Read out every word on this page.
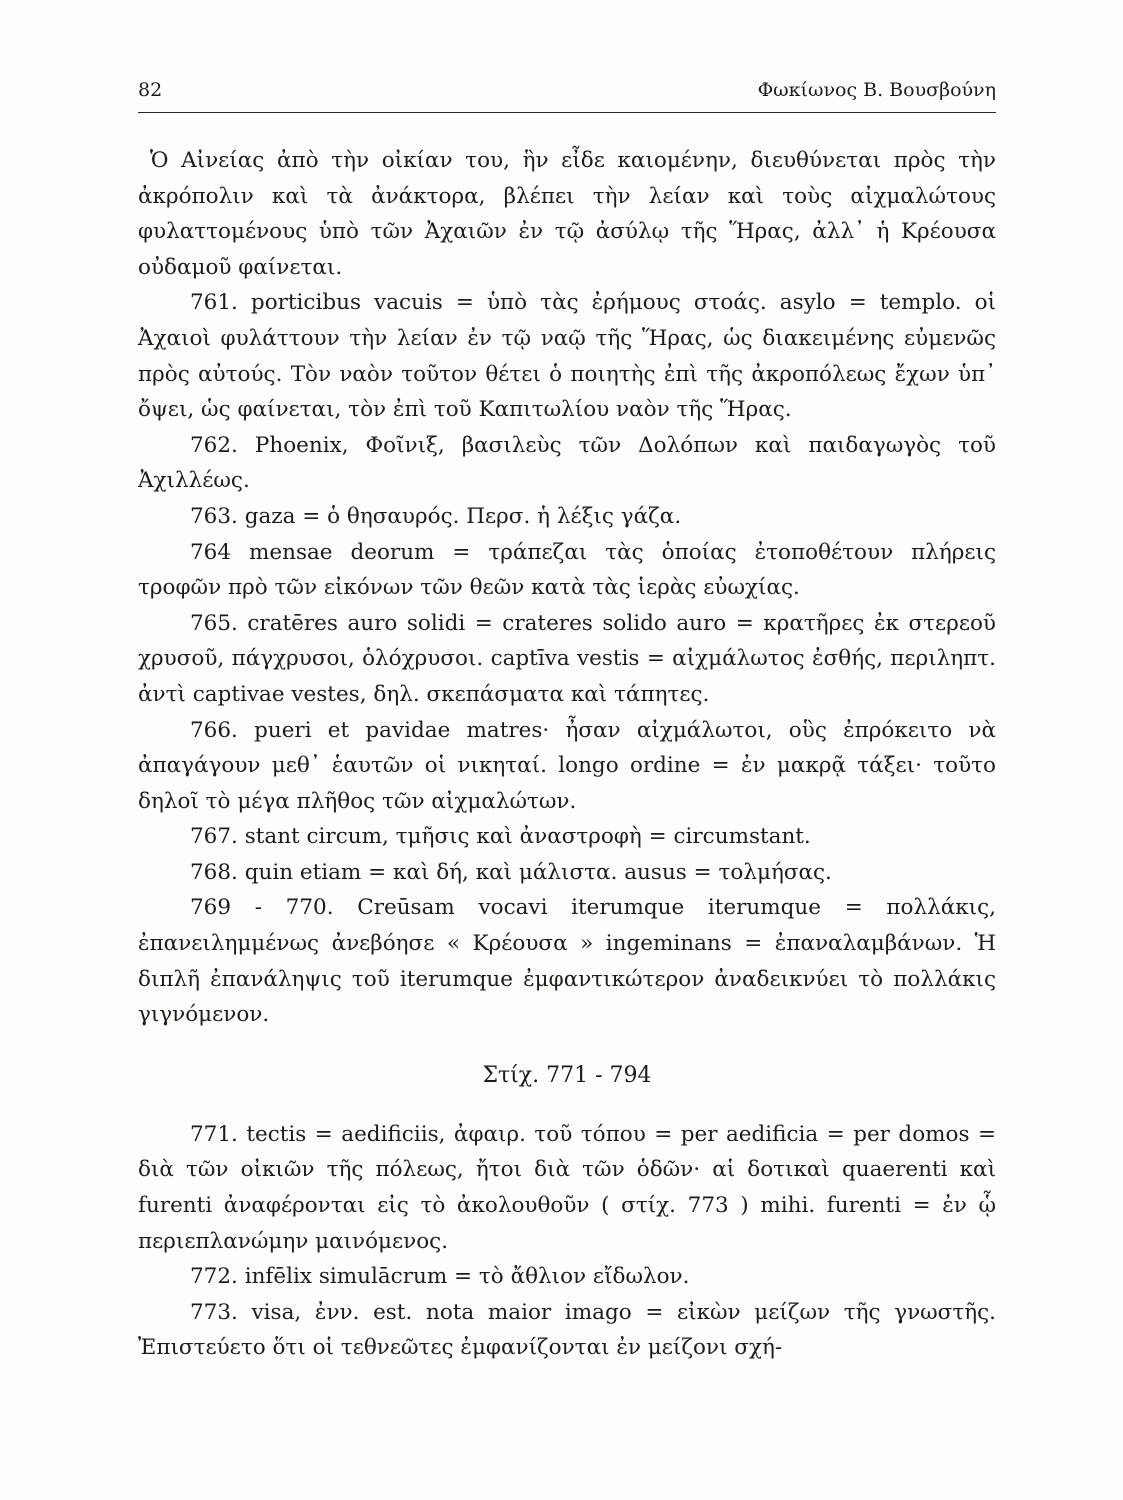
82	Φωκίωνος Β. Βουσβούνη

Ὁ Αἰνείας ἀπὸ τὴν οἰκίαν του, ἣν εἶδε καιομένην, διευθύνεται πρὸς τὴν ἀκρόπολιν καὶ τὰ ἀνάκτορα, βλέπει τὴν λείαν καὶ τοὺς αἰχμαλώτους φυλαττομένους ὑπὸ τῶν Ἀχαιῶν ἐν τῷ ἀσύλῳ τῆς Ἥρας, ἀλλ᾿ ἡ Κρέουσα οὐδαμοῦ φαίνεται.

761. porticibus vacuis = ὑπὸ τὰς ἐρήμους στοάς. asylo = templo. οἱ Ἀχαιοὶ φυλάττουν τὴν λείαν ἐν τῷ ναῷ τῆς Ἥρας, ὡς διακειμένης εὐμενῶς πρὸς αὐτούς. Τὸν ναὸν τοῦτον θέτει ὁ ποιητὴς ἐπὶ τῆς ἀκροπόλεως ἔχων ὑπ᾿ ὄψει, ὡς φαίνεται, τὸν ἐπὶ τοῦ Καπιτωλίου ναὸν τῆς Ἥρας.

762. Phoenix, Φοῖνιξ, βασιλεὺς τῶν Δολόπων καὶ παιδαγωγὸς τοῦ Ἀχιλλέως.

763. gaza = ὁ θησαυρός. Περσ. ἡ λέξις γάζα.

764 mensae deorum = τράπεζαι τὰς ὁποίας ἐτοποθέτουν πλήρεις τροφῶν πρὸ τῶν εἰκόνων τῶν θεῶν κατὰ τὰς ἱερὰς εὐωχίας.

765. cratēres auro solidi = crateres solido auro = κρατῆρες ἐκ στερεοῦ χρυσοῦ, πάγχρυσοι, ὁλόχρυσοι. captīva vestis = αἰχμάλωτος ἐσθής, περιληπτ. ἀντὶ captivae vestes, δηλ. σκεπάσματα καὶ τάπητες.

766. pueri et pavidae matres· ἦσαν αἰχμάλωτοι, οὓς ἐπρόκειτο νὰ ἀπαγάγουν μεθ᾿ ἑαυτῶν οἱ νικηταί. longo ordine = ἐν μακρᾷ τάξει· τοῦτο δηλοῖ τὸ μέγα πλῆθος τῶν αἰχμαλώτων.

767. stant circum, τμῆσις καὶ ἀναστροφὴ = circumstant.

768. quin etiam = καὶ δή, καὶ μάλιστα. ausus = τολμήσας.

769 - 770. Creūsam vocavi iterumque iterumque = πολλάκις, ἐπανειλημμένως ἀνεβόησε « Κρέουσα » ingeminans = ἐπαναλαμβάνων. Ἡ διπλῆ ἐπανάληψις τοῦ iterumque ἐμφαντικώτερον ἀναδεικνύει τὸ πολλάκις γιγνόμενον.

Στίχ. 771 - 794

771. tectis = aedificiis, ἀφαιρ. τοῦ τόπου = per aedificia = per domos = διὰ τῶν οἰκιῶν τῆς πόλεως, ἤτοι διὰ τῶν ὁδῶν· αἱ δοτικαὶ quaerenti καὶ furenti ἀναφέρονται εἰς τὸ ἀκολουθοῦν ( στίχ. 773 ) mihi. furenti = ἐν ᾧ περιεπλανώμην μαινόμενος.

772. infēlix simulācrum = τὸ ἄθλιον εἴδωλον.

773. visa, ἐνν. est. nota maior imago = εἰκὼν μείζων τῆς γνωστῆς. Ἐπιστεύετο ὅτι οἱ τεθνεῶτες ἐμφανίζονται ἐν μείζονι σχή-
